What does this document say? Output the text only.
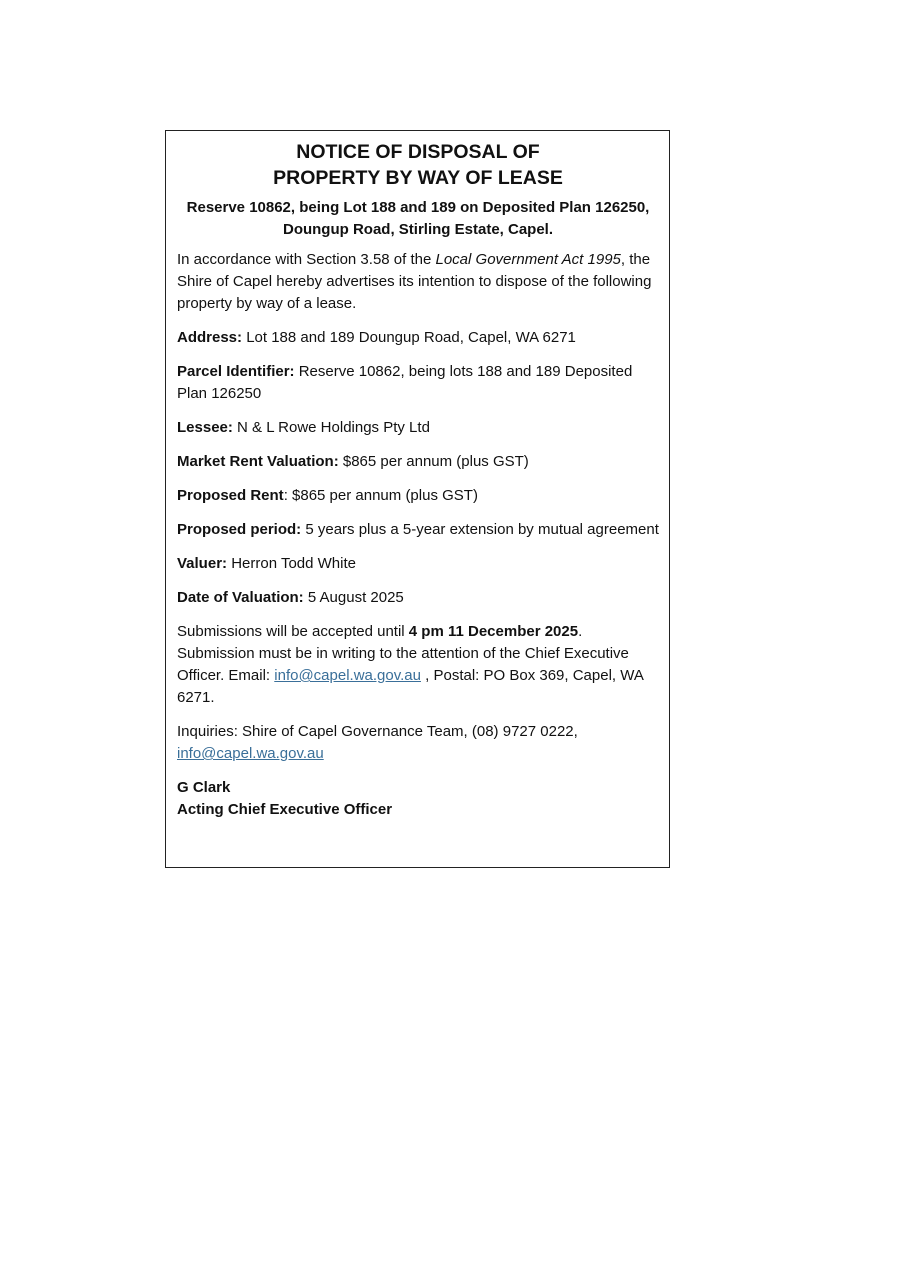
NOTICE OF DISPOSAL OF
PROPERTY BY WAY OF LEASE
Reserve 10862, being Lot 188 and 189 on Deposited Plan 126250,
Doungup Road, Stirling Estate, Capel.

In accordance with Section 3.58 of the Local Government Act 1995, the Shire of Capel hereby advertises its intention to dispose of the following property by way of a lease.

Address: Lot 188 and 189 Doungup Road, Capel, WA 6271

Parcel Identifier: Reserve 10862, being lots 188 and 189 Deposited Plan 126250

Lessee: N & L Rowe Holdings Pty Ltd

Market Rent Valuation: $865 per annum (plus GST)

Proposed Rent: $865 per annum (plus GST)

Proposed period: 5 years plus a 5-year extension by mutual agreement

Valuer: Herron Todd White

Date of Valuation: 5 August 2025

Submissions will be accepted until 4 pm 11 December 2025. Submission must be in writing to the attention of the Chief Executive Officer. Email: info@capel.wa.gov.au , Postal: PO Box 369, Capel, WA 6271.

Inquiries: Shire of Capel Governance Team, (08) 9727 0222, info@capel.wa.gov.au

G Clark
Acting Chief Executive Officer
